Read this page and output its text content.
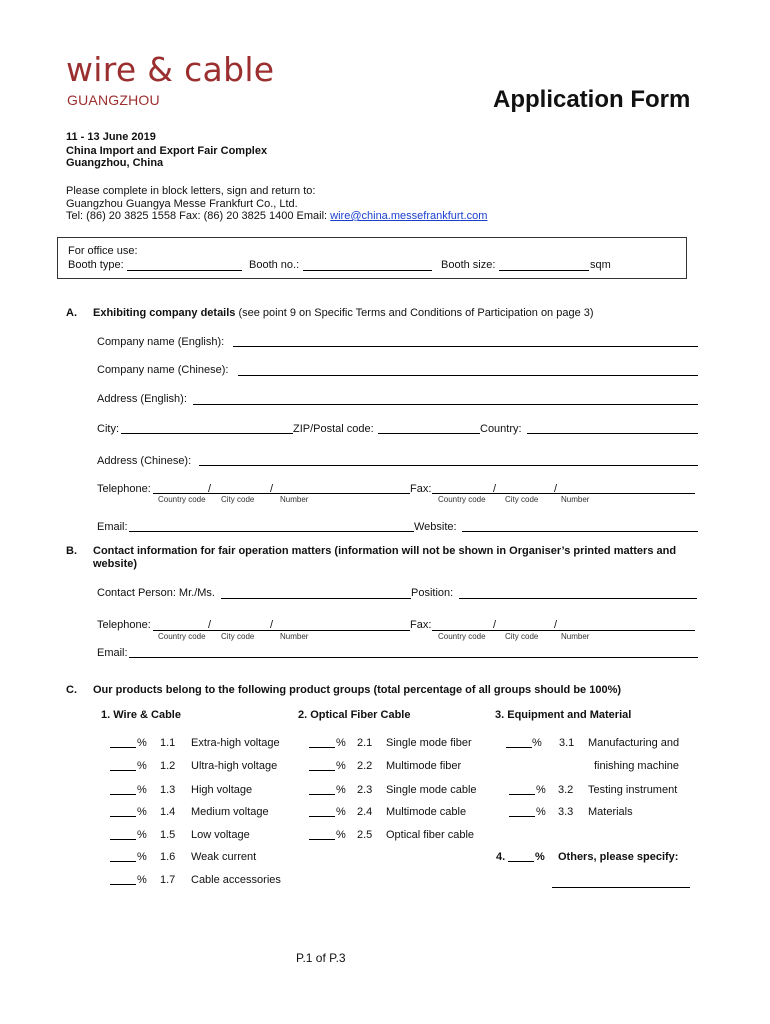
wire & cable
GUANGZHOU	Application Form
11 - 13 June 2019
China Import and Export Fair Complex
Guangzhou, China
Please complete in block letters, sign and return to:
Guangzhou Guangya Messe Frankfurt Co., Ltd.
Tel: (86) 20 3825 1558 Fax: (86) 20 3825 1400 Email: wire@china.messefrankfurt.com
For office use:
Booth type:	Booth no.:	Booth size:	sqm
A. Exhibiting company details (see point 9 on Specific Terms and Conditions of Participation on page 3)
Company name (English):
Company name (Chinese):
Address (English):
City:	ZIP/Postal code:	Country:
Address (Chinese):
Telephone:	/	/
Country code City code	Number
Fax:	/	/
Country code City code	Number
Email:	Website:
B. Contact information for fair operation matters (information will not be shown in Organiser’s printed matters and
website)
Contact Person: Mr./Ms.	Position:
Telephone:	/	/
Country code City code	Number
Fax:	/	/
Country code City code	Number
Email:
C. Our products belong to the following product groups (total percentage of all groups should be 100%)
1. Wire & Cable	2. Optical Fiber Cable	3. Equipment and Material
% 1.1 Extra-high voltage
% 1.2 Ultra-high voltage
% 1.3 High voltage
% 1.4 Medium voltage
% 1.5 Low voltage
% 1.6 Weak current
% 1.7 Cable accessories
% 2.1 Single mode fiber
% 2.2 Multimode fiber
% 2.3 Single mode cable
% 2.4 Multimode cable
% 2.5 Optical fiber cable
% 3.1 Manufacturing and
finishing machine
% 3.2 Testing instrument
% 3.3 Materials
4.	% Others, please specify:
P.1 of P.3
